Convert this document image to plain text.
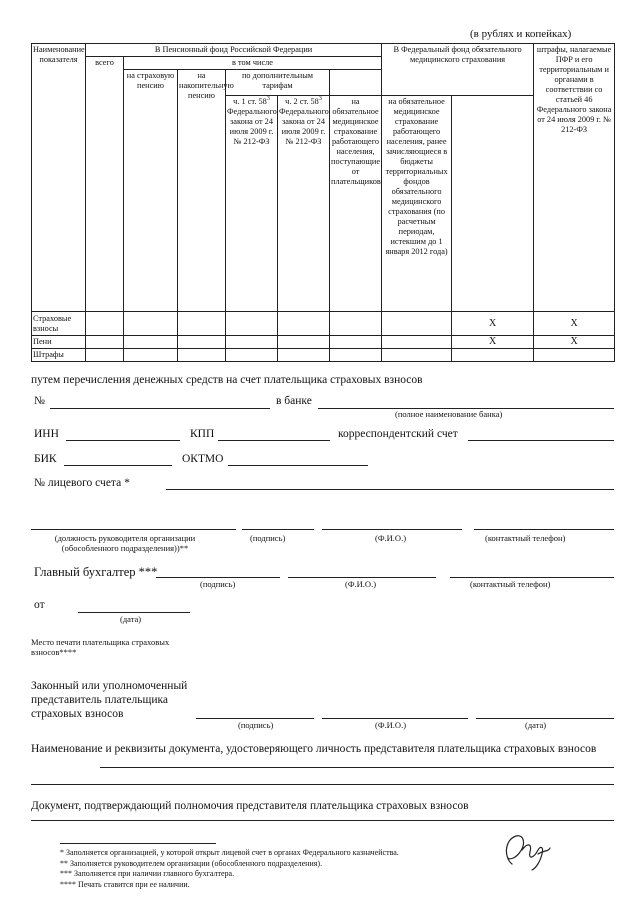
(в рублях и копейках)
Наименование показателя	В Пенсионный фонд Российской Федерации						В Федеральный фонд обязательного медицинского страхования		штрафы, налагаемые ПФР и его территориальным и органами в соответствии со статьей 46 Федерального закона от 24 июля 2009 г. № 212-ФЗ	
	всего	в том числе								
		на страховую пенсию	на накопительную пенсию	по дополнительным тарифам						
				ч. 1 ст. $58^3$ Федерального закона от 24 июля 2009 г. № 212-ФЗ	ч. 2 ст. $58^3$ Федерального закона от 24 июля 2009 г. № 212-ФЗ	на обязательное медицинское страхование работающего населения, поступающие от плательщиков	на обязательное медицинское страхование работающего населения, ранее зачисляющиеся в бюджеты территориальных фондов обязательного медицинского страхования (по расчетным периодам, истекшим до 1 января 2012 года)			
Страховые взносы								Х	Х	
Пени								Х	Х	
Штрафы										
путем перечисления денежных средств на счет плательщика страховых взносов
№	в банке
(полное наименование банка)
ИНН	КПП	корреспондентский счет
БИК	ОКТМО
№ лицевого счета *
(должность руководителя организации (обособленного подразделения))**
(подпись)	(Ф.И.О.)	(контактный телефон)
Главный бухгалтер ***
(подпись)	(Ф.И.О.)	(контактный телефон)
от
(дата)
Место печати плательщика страховых взносов****
Законный или уполномоченный представитель плательщика страховых взносов
(подпись)	(Ф.И.О.)	(дата)
Наименование и реквизиты документа, удостоверяющего личность представителя плательщика страховых взносов
Документ, подтверждающий полномочия представителя плательщика страховых взносов
* Заполняется организацией, у которой открыт лицевой счет в органах Федерального казначейства.
** Заполняется руководителем организации (обособленного подразделения).
*** Заполняется при наличии главного бухгалтера.
**** Печать ставится при ее наличии.
